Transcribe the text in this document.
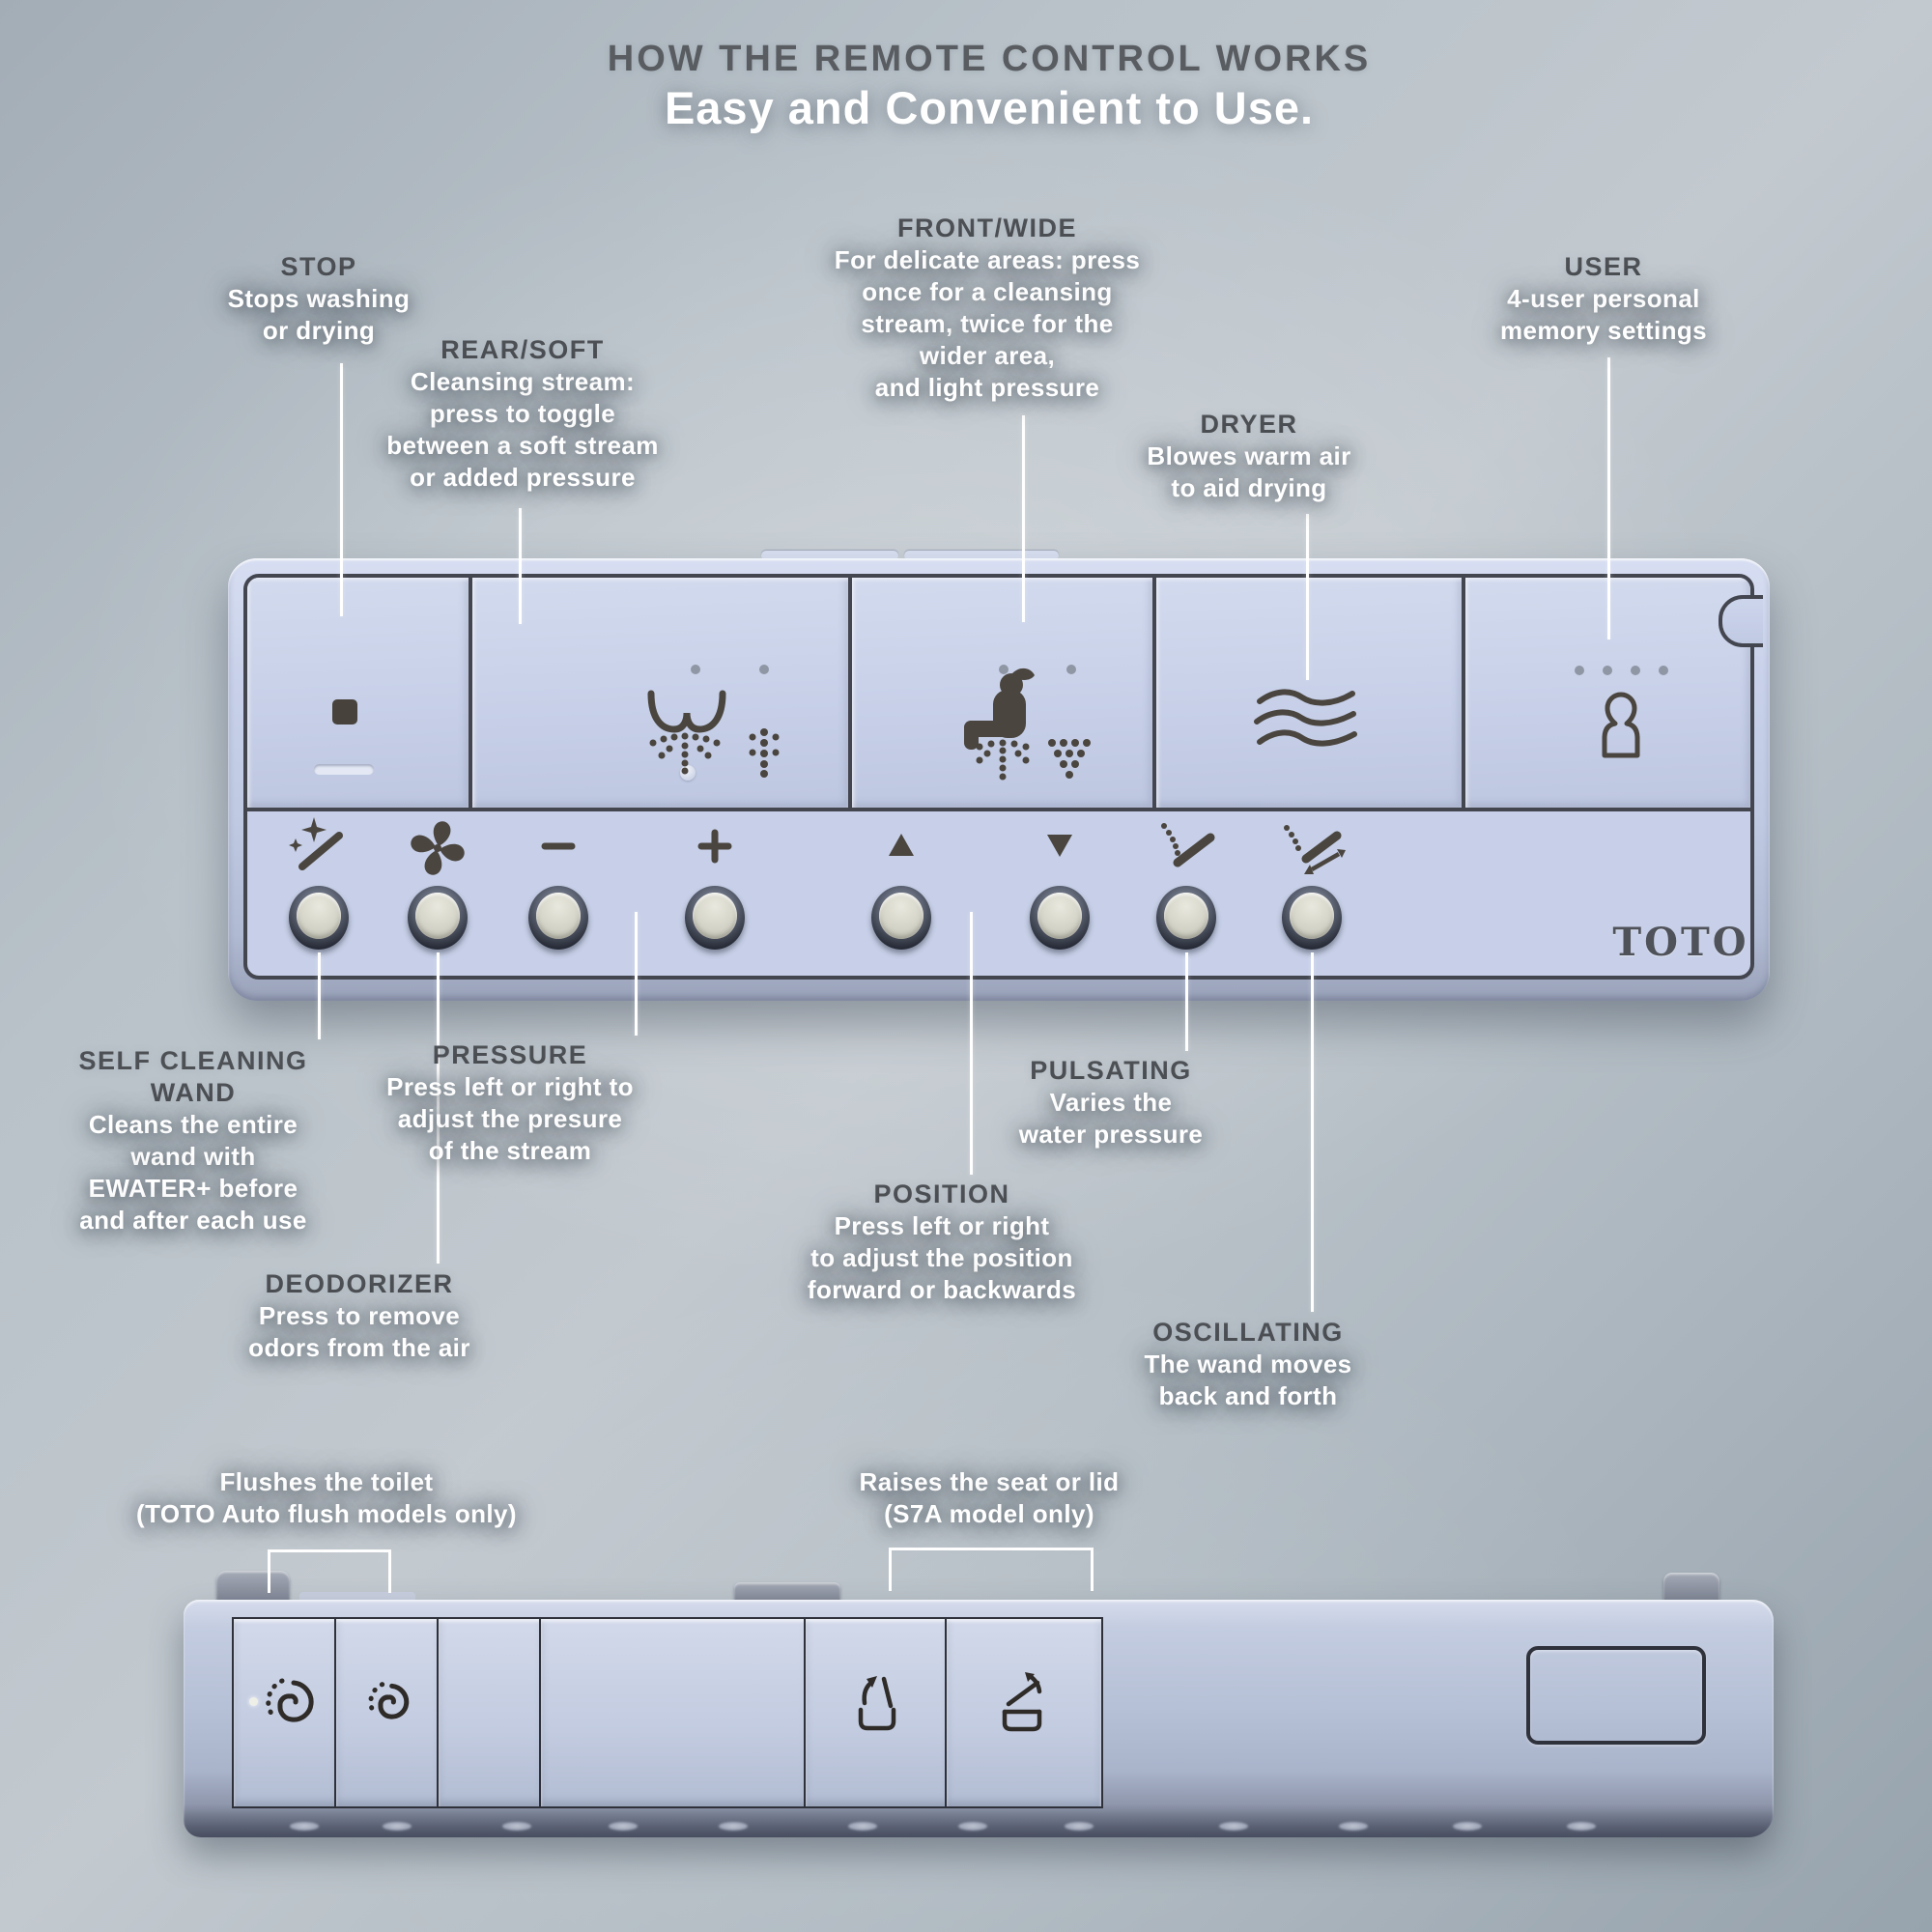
HOW THE REMOTE CONTROL WORKS
Easy and Convenient to Use.
TOTO
STOP
Stops washing
or drying
REAR/SOFT
Cleansing stream:
press to toggle
between a soft stream
or added pressure
FRONT/WIDE
For delicate areas: press
once for a cleansing
stream, twice for the
wider area,
and light pressure
DRYER
Blowes warm air
to aid drying
USER
4-user personal
memory settings
SELF CLEANING
WAND
Cleans the entire
wand with
EWATER+ before
and after each use
PRESSURE
Press left or right to
adjust the presure
of the stream
DEODORIZER
Press to remove
odors from the air
POSITION
Press left or right
to adjust the position
forward or backwards
PULSATING
Varies the
water pressure
OSCILLATING
The wand moves
back and forth
Flushes the toilet
(TOTO Auto flush models only)
Raises the seat or lid
(S7A model only)
